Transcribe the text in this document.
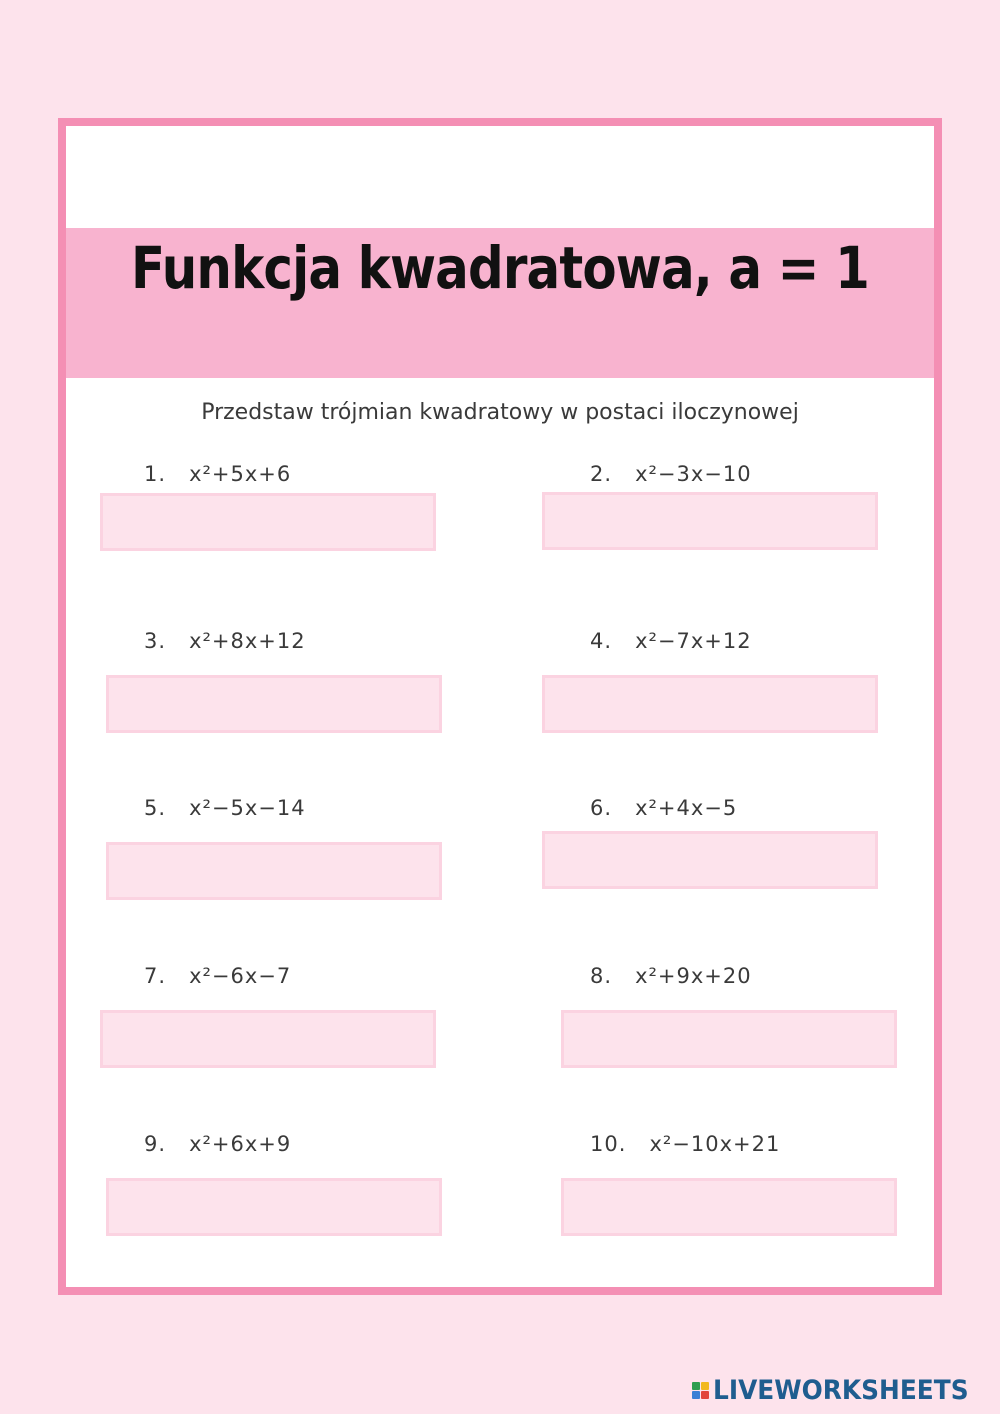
Funkcja kwadratowa, a = 1
Przedstaw trójmian kwadratowy w postaci iloczynowej
1. x²+5x+6	2. x²−3x−10
3. x²+8x+12	4. x²−7x+12
5. x²−5x−14	6. x²+4x−5
7. x²−6x−7	8. x²+9x+20
9. x²+6x+9	10. x²−10x+21
LIVEWORKSHEETS
